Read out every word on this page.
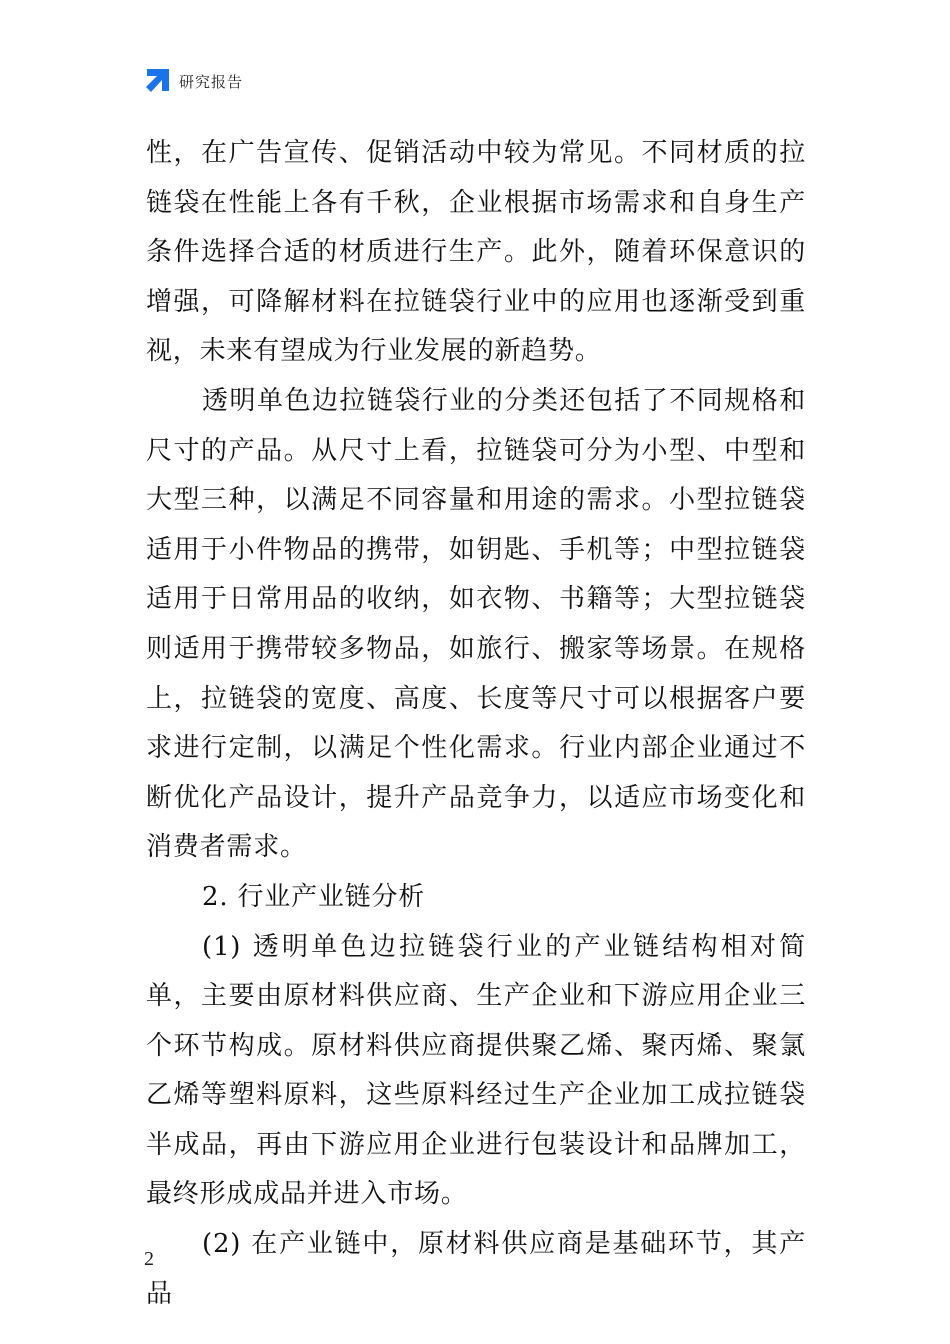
研究报告

性，在广告宣传、促销活动中较为常见。不同材质的拉链袋在性能上各有千秋，企业根据市场需求和自身生产条件选择合适的材质进行生产。此外，随着环保意识的增强，可降解材料在拉链袋行业中的应用也逐渐受到重视，未来有望成为行业发展的新趋势。

透明单色边拉链袋行业的分类还包括了不同规格和尺寸的产品。从尺寸上看，拉链袋可分为小型、中型和大型三种，以满足不同容量和用途的需求。小型拉链袋适用于小件物品的携带，如钥匙、手机等；中型拉链袋适用于日常用品的收纳，如衣物、书籍等；大型拉链袋则适用于携带较多物品，如旅行、搬家等场景。在规格上，拉链袋的宽度、高度、长度等尺寸可以根据客户要求进行定制，以满足个性化需求。行业内部企业通过不断优化产品设计，提升产品竞争力，以适应市场变化和消费者需求。

2. 行业产业链分析

(1) 透明单色边拉链袋行业的产业链结构相对简单，主要由原材料供应商、生产企业和下游应用企业三个环节构成。原材料供应商提供聚乙烯、聚丙烯、聚氯乙烯等塑料原料，这些原料经过生产企业加工成拉链袋半成品，再由下游应用企业进行包装设计和品牌加工，最终形成成品并进入市场。

(2) 在产业链中，原材料供应商是基础环节，其产品

2
